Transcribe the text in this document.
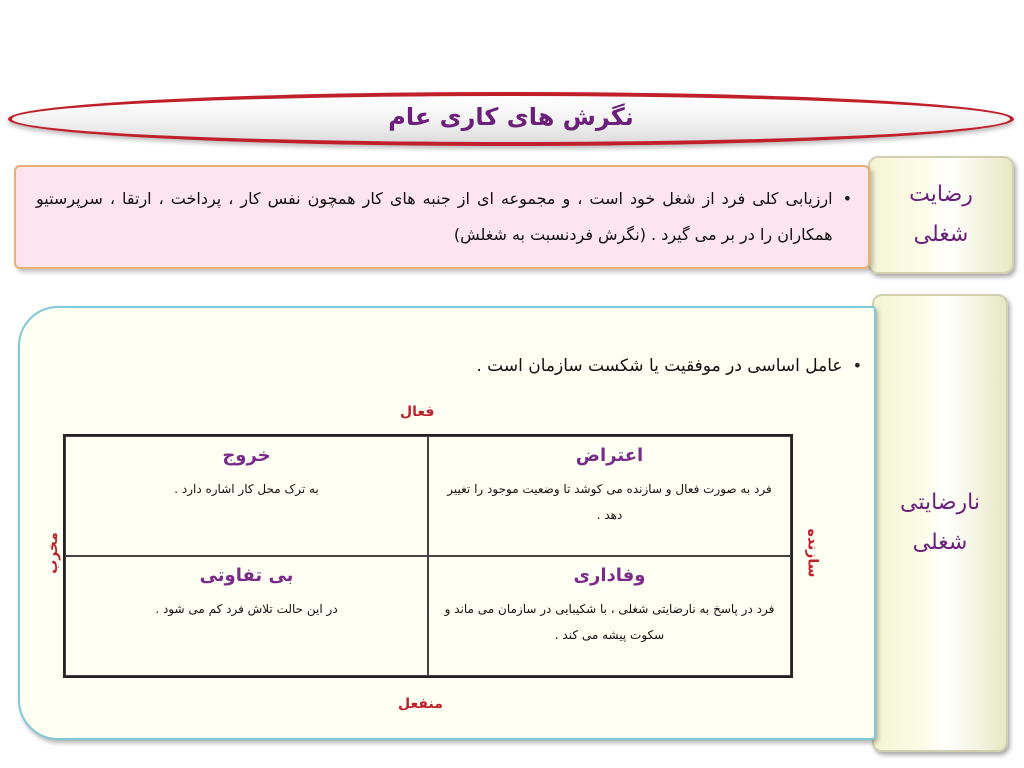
نگرش های کاری عام
رضایت
شغلی
•
ارزیابی کلی فرد از شغل خود است ، و مجموعه ای از جنبه های کار همچون نفس کار ، پرداخت ، ارتقا ، سرپرستیو همکاران را در بر می گیرد . (نگرش فردنسبت به شغلش)
نارضایتی
شغلی
•
عامل اساسی در موفقیت یا شکست سازمان است .
فعال
منفعل
مخرب	سازنده
اعتراض
فرد به صورت فعال و سازنده می کوشد تا وضعیت موجود را تغییر دهد .
خروج
به ترک محل کار اشاره دارد .
وفاداری
فرد در پاسخ به نارضایتی شغلی ، با شکیبایی در سازمان می ماند و سکوت پیشه می کند .
بی تفاوتی
در این حالت تلاش فرد کم می شود .
